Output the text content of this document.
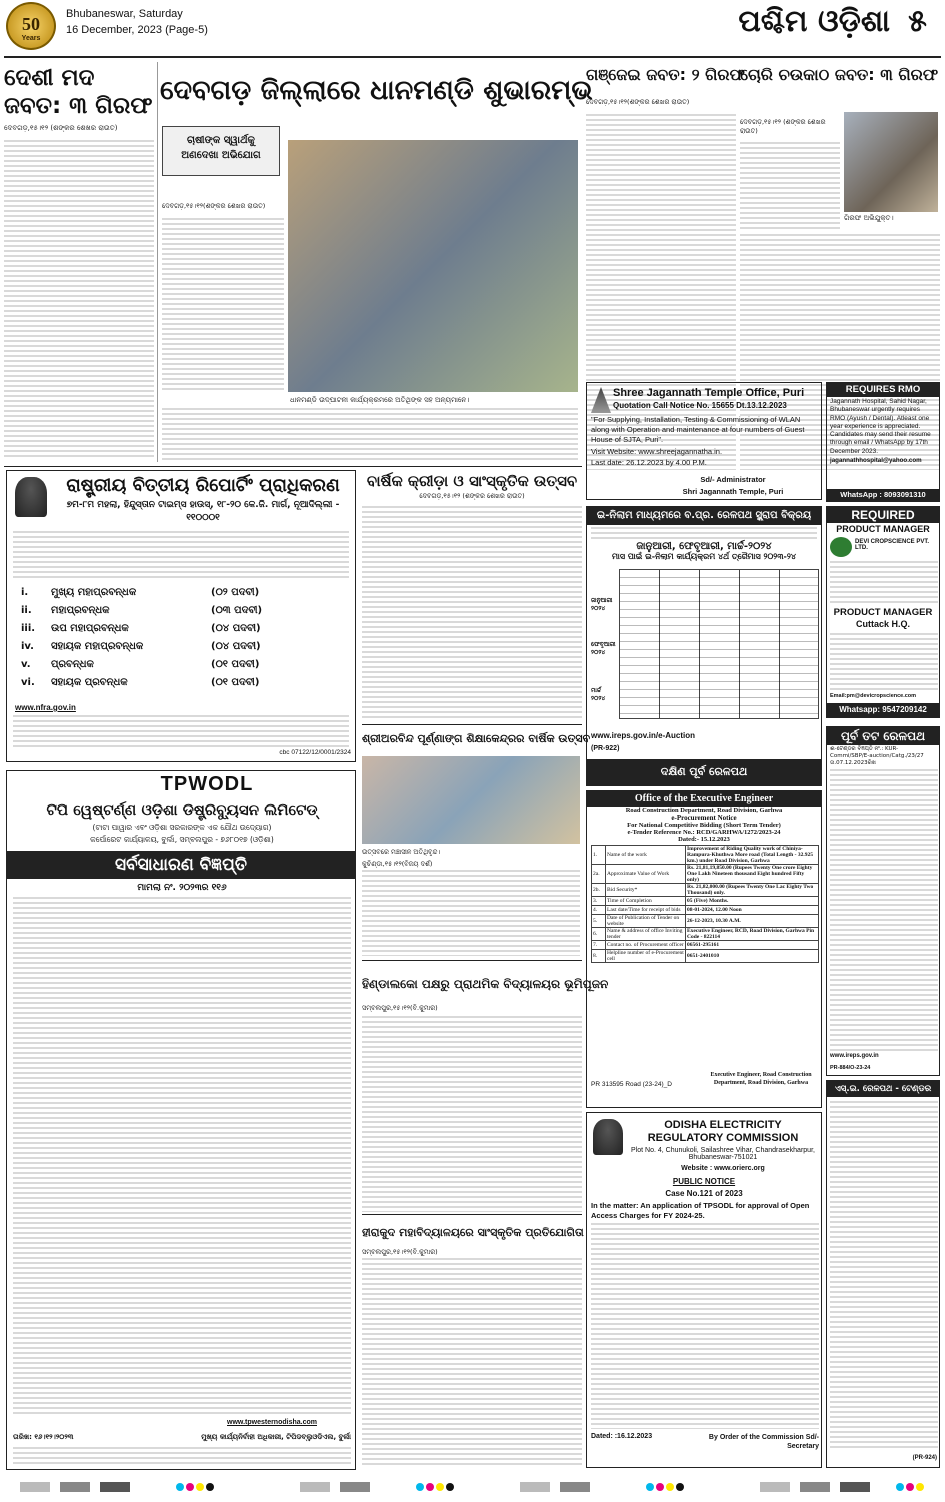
50
Years
Bhubaneswar, Saturday
16 December, 2023 (Page-5)	ପଶ୍ଚିମ ଓଡ଼ିଶା ୫
ଦେଶୀ ମଦ ଜବତ: ୩ ଗିରଫ
ଦେବଗଡ଼,୧୫।୧୨ (ଶଙ୍କର ଶେଖର ରାଉତ)
ଦେବଗଡ଼ ଜିଲ୍ଲାରେ ଧାନମଣ୍ଡି ଶୁଭାରମ୍ଭ
ଚାଷୀଙ୍କ ସ୍ୱାର୍ଥକୁ ଅଣଦେଖା ଅଭିଯୋଗ
ଦେବଗଡ଼,୧୫।୧୨(ଶଙ୍କର ଶେଖର ରାଉତ)
ଧାନମଣ୍ଡି ଉଦ୍‌ଘାଟନୀ କାର୍ଯ୍ୟକ୍ରମରେ ଅତିଥିଙ୍କ ସହ ଅନ୍ୟମାନେ।
ଗଞ୍ଜେଇ ଜବତ: ୨ ଗିରଫ
ଦେବଗଡ଼,୧୫।୧୨(ଶଙ୍କର ଶେଖର ରାଉତ)
ଚୋରି ଚଉକାଠ ଜବତ: ୩ ଗିରଫ
ଦେବଗଡ଼,୧୫।୧୨ (ଶଙ୍କର ଶେଖର ରାଉତ)
ଗିରଫ ଅଭିଯୁକ୍ତ।
ରାଷ୍ଟ୍ରୀୟ ବିତ୍ତୀୟ ରିପୋର୍ଟିଂ ପ୍ରାଧିକରଣ
୭ମ-୮ମ ମହଲା, ହିନ୍ଦୁସ୍ତାନ ଟାଇମ୍ସ ହାଉସ୍, ୧୮-୨୦ କେ.ଜି. ମାର୍ଗ, ନୂଆଦିଲ୍ଲୀ - ୧୧୦୦୦୧
i.	ମୁଖ୍ୟ ମହାପ୍ରବନ୍ଧକ	(୦୨ ପଦବୀ)
ii.	ମହାପ୍ରବନ୍ଧକ	(୦୩ ପଦବୀ)
iii.	ଉପ ମହାପ୍ରବନ୍ଧକ	(୦୪ ପଦବୀ)
iv.	ସହାୟକ ମହାପ୍ରବନ୍ଧକ	(୦୪ ପଦବୀ)
v.	ପ୍ରବନ୍ଧକ	(୦୧ ପଦବୀ)
vi.	ସହାୟକ ପ୍ରବନ୍ଧକ	(୦୧ ପଦବୀ)
www.nfra.gov.in
cbc 07122/12/0001/2324
TPWODL
ଟିପି ୱେଷ୍ଟର୍ଣ୍ଣ ଓଡ଼ିଶା ଡିଷ୍ଟ୍ରିବ୍ୟୁସନ ଲିମିଟେଡ୍
(ଟାଟା ପାୱାର ଏବଂ ଓଡ଼ିଶା ସରକାରଙ୍କ ଏକ ଯୌଥ ଉଦ୍ୟୋଗ)
କର୍ପୋରେଟ କାର୍ଯ୍ୟାଳୟ, ବୁର୍ଲା, ସମ୍ବଲପୁର - ୭୬୮୦୧୭ (ଓଡ଼ିଶା)
ସର୍ବସାଧାରଣ ବିଜ୍ଞପ୍ତି
ମାମଲା ନଂ. ୨୦୨୩ର ୧୧୬
www.tpwesternodisha.com
ତାରିଖ: ୧୬।୧୨।୨୦୨୩	ମୁଖ୍ୟ କାର୍ଯ୍ୟନିର୍ବାହୀ ଅଧିକାରୀ, ଟିପିଡବ୍ଲୁଓଡିଏଲ, ବୁର୍ଲା
ବାର୍ଷିକ କ୍ରୀଡ଼ା ଓ ସାଂସ୍କୃତିକ ଉତ୍ସବ
ଦେବଗଡ଼,୧୫।୧୨ (ଶଙ୍କର ଶେଖର ରାଉତ)
ଶ୍ରୀଅରବିନ୍ଦ ପୂର୍ଣ୍ଣାଙ୍ଗ ଶିକ୍ଷାକେନ୍ଦ୍ରର ବାର୍ଷିକ ଉତ୍ସବ
ଉତ୍ସବରେ ମଞ୍ଚାସୀନ ଅତିଥିବୃନ୍ଦ।
କୁଚିଣ୍ଡା,୧୫।୧୨(ବିଜୟ ଦର୍ଶ)
ହିଣ୍ଡାଲକୋ ପକ୍ଷରୁ ପ୍ରାଥମିକ ବିଦ୍ୟାଳୟର ଭୂମିପୂଜନ
ସମ୍ବଲପୁର,୧୫।୧୨(ବି.କୁମାର)
ହୀରାକୁଦ ମହାବିଦ୍ୟାଳୟରେ ସାଂସ୍କୃତିକ ପ୍ରତିଯୋଗିତା
ସମ୍ବଲପୁର,୧୫।୧୨(ବି.କୁମାର)
Shree Jagannath Temple Office, Puri
Quotation Call Notice No. 15655 Dt.13.12.2023
"For Supplying, Installation, Testing & Commissioning of WLAN along with Operation and maintenance at four numbers of Guest House of SJTA, Puri".
Visit Website: www.shreejagannatha.in.
Last date: 26.12.2023 by 4.00 P.M.
Sd/- Administrator
Shri Jagannath Temple, Puri
REQUIRES RMO
Jagannath Hospital, Sahid Nagar, Bhubaneswar urgently requires RMO (Ayush / Dental). Atleast one year experience is appreciated. Candidates may send their resume through email / WhatsApp by 17th December 2023.
jagannathhospital@yahoo.com
WhatsApp : 8093091310
REQUIRED
PRODUCT MANAGER
DEVI CROPSCIENCE PVT. LTD.
PRODUCT MANAGER
Cuttack H.Q.
Email:pm@devicropscience.com
Whatsapp: 9547209142
ଇ-ନିଲାମ ମାଧ୍ୟମରେ ବ.ପ୍ର. ରେଳପଥ ସ୍କ୍ରାପ ବିକ୍ରୟ
ଜାନୁଆରୀ, ଫେବୃଆରୀ, ମାର୍ଚ୍ଚ-୨୦୨୪
ମାସ ପାଇଁ ଇ-ନିଲାମ କାର୍ଯ୍ୟକ୍ରମ ୪ର୍ଥ ତ୍ରୈମାସ ୨୦୨୩-୨୪
ଜାନୁଆରୀ ୨୦୨୪
ଫେବୃଆରୀ ୨୦୨୪
ମାର୍ଚ୍ଚ ୨୦୨୪
www.ireps.gov.in/e-Auction
(PR-922)
ଦକ୍ଷିଣ ପୂର୍ବ ରେଳପଥ
Office of the Executive Engineer
Road Construction Department, Road Division, Garhwa
e-Procurement Notice
For National Competitive Bidding (Short Term Tender)
e-Tender Reference No.: RCD/GARHWA/1272/2023-24
Dated:- 15.12.2023
1.	Name of the work	Improvement of Riding Quality work of Chiniya-Rampura-Khuthwa More road (Total Length - 32.925 km.) under Road Division, Garhwa
2a.	Approximate Value of Work	Rs. 21,81,19,850.00 (Rupees Twenty One crore Eighty One Lakh Nineteen thousand Eight hundred Fifty only)
2b.	Bid Security*	Rs. 21,82,000.00 (Rupees Twenty One Lac Eighty Two Thousand) only.
3.	Time of Completion	05 (Five) Months.
4.	Last date/Time for receipt of bids	08-01-2024, 12.00 Noon
5.	Date of Publication of Tender on website	26-12-2023, 10.30 A.M.
6.	Name & address of office Inviting tender	Executive Engineer, RCD, Road Division, Garhwa Pin Code - 822114
7.	Contact no. of Procurement officer	06561-295161
8.	Helpline number of e-Procurement cell	0651-2401010
PR 313595 Road (23-24)_D
Executive Engineer, Road Construction Department, Road Division, Garhwa
ODISHA ELECTRICITY REGULATORY COMMISSION
Plot No. 4, Chunukoli, Sailashree Vihar, Chandrasekharpur, Bhubaneswar-751021
Website : www.orierc.org
PUBLIC NOTICE
Case No.121 of 2023
In the matter: An application of TPSODL for approval of Open Access Charges for FY 2024-25.
Dated: :16.12.2023	By Order of the Commission Sd/- Secretary
ପୂର୍ବ ତଟ ରେଳପଥ
ଈ-ଟେଣ୍ଡର ବିଜ୍ଞପ୍ତି ନଂ.: KUR-Commi/SBP/E-auction/Catg./23/27 ତା.07.12.2023ରିଖ
www.ireps.gov.in
PR-884/O-23-24
ଏସ୍.ଇ. ରେଳପଥ - ଟେଣ୍ଡର
(PR-924)
